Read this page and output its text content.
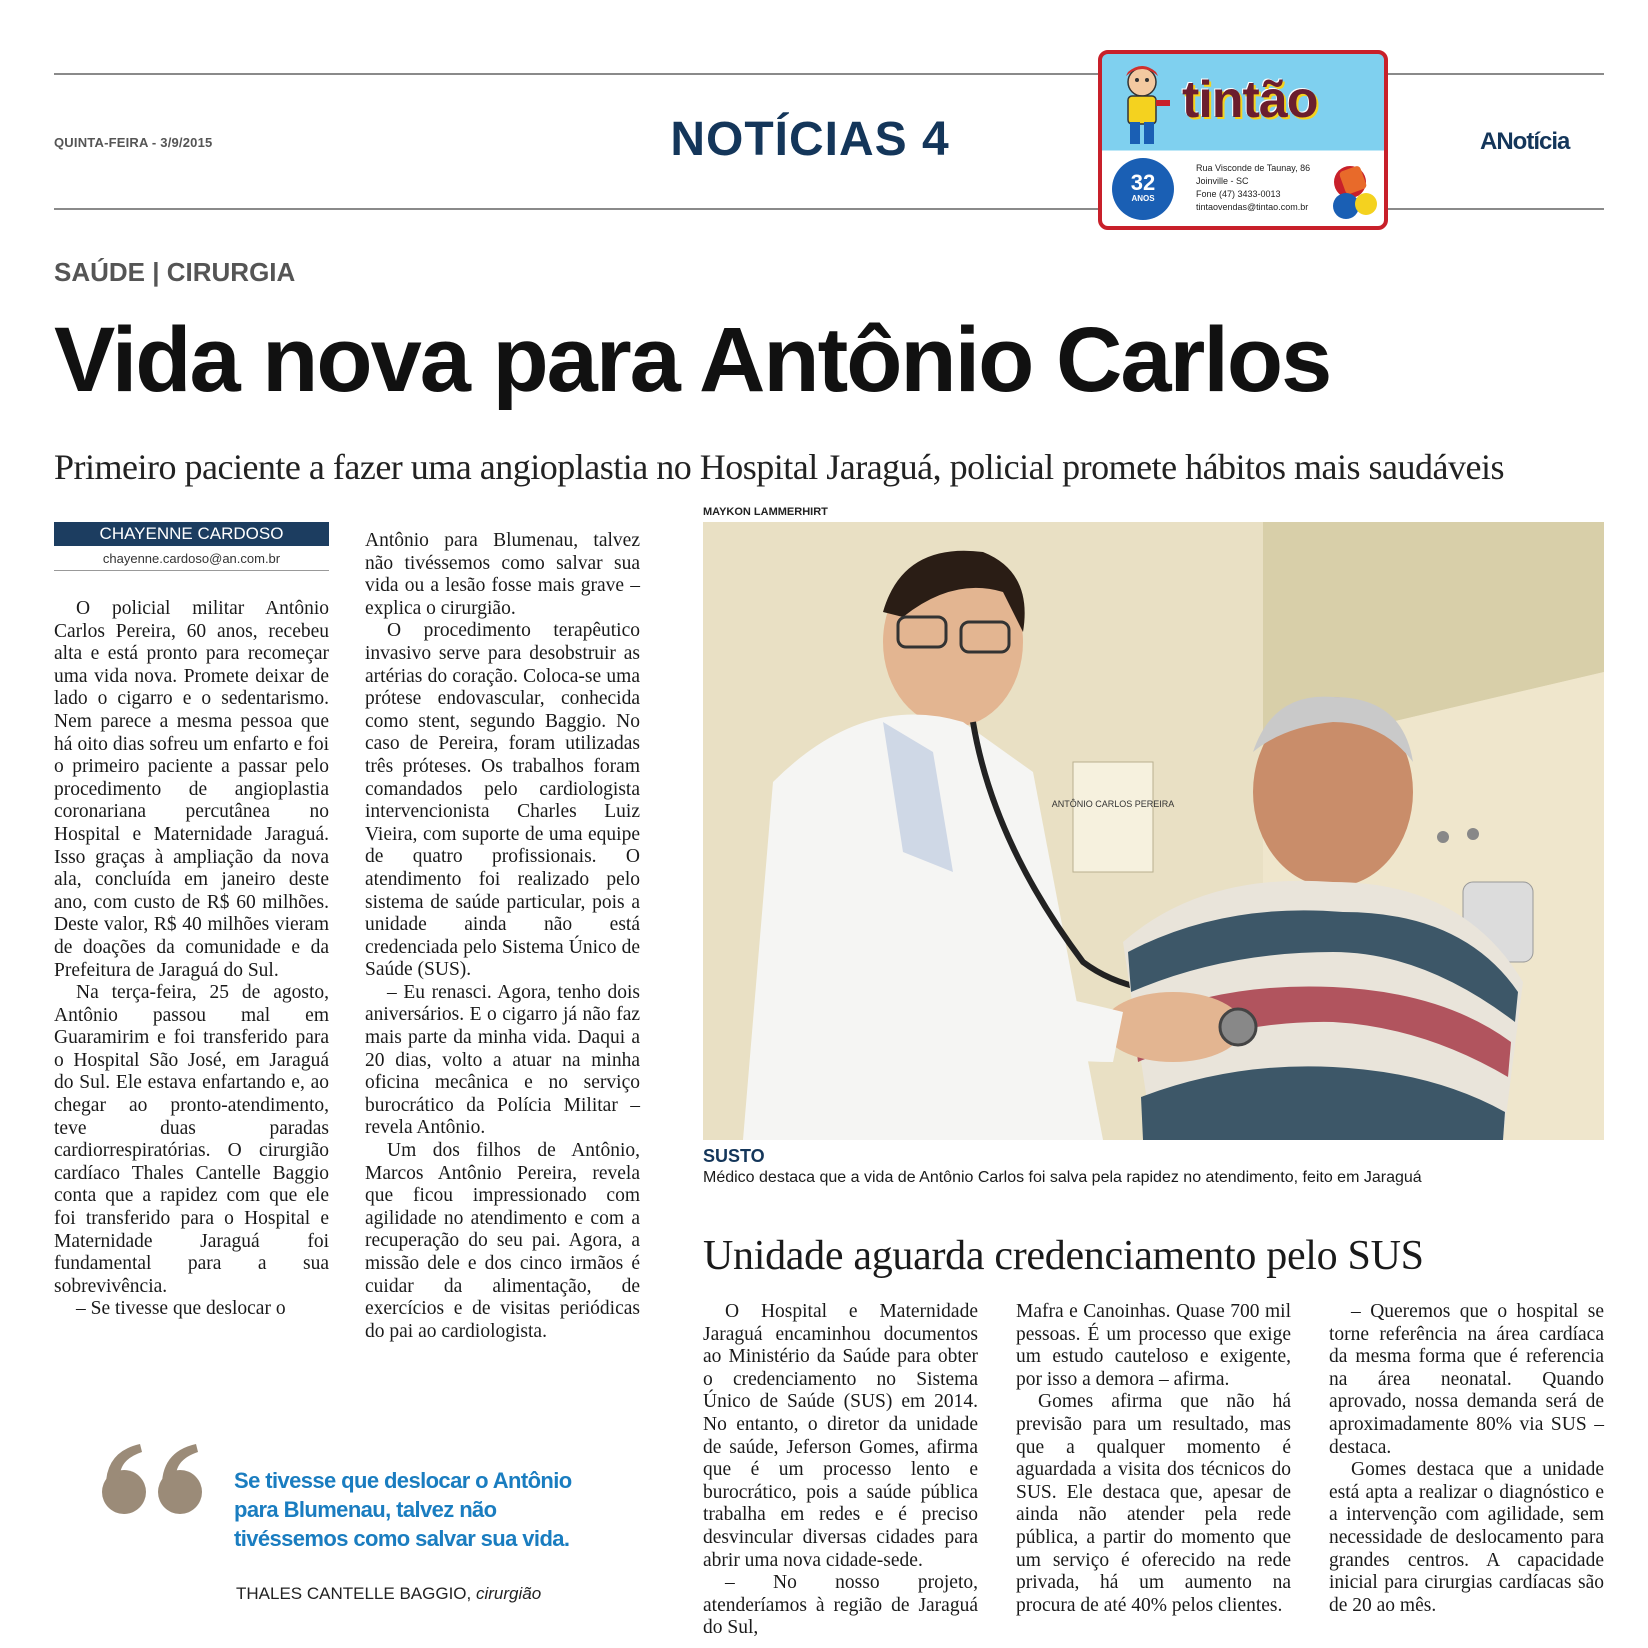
QUINTA-FEIRA - 3/9/2015	NOTÍCIAS 4	ANotícia
tintão
32
ANOS
Rua Visconde de Taunay, 86
Joinville - SC
Fone (47) 3433-0013
tintaovendas@tintao.com.br
SAÚDE | CIRURGIA
Vida nova para Antônio Carlos
Primeiro paciente a fazer uma angioplastia no Hospital Jaraguá, policial promete hábitos mais saudáveis
CHAYENNE CARDOSO
chayenne.cardoso@an.com.br

O policial militar Antônio Carlos Pereira, 60 anos, recebeu alta e está pronto para recomeçar uma vida nova. Promete deixar de lado o cigarro e o sedentarismo. Nem parece a mesma pessoa que há oito dias sofreu um enfarto e foi o primeiro paciente a passar pelo procedimento de angioplastia coronariana percutânea no Hospital e Maternidade Jaraguá. Isso graças à ampliação da nova ala, concluída em janeiro deste ano, com custo de R$ 60 milhões. Deste valor, R$ 40 milhões vieram de doações da comunidade e da Prefeitura de Jaraguá do Sul.

Na terça-feira, 25 de agosto, Antônio passou mal em Guaramirim e foi transferido para o Hospital São José, em Jaraguá do Sul. Ele estava enfartando e, ao chegar ao pronto-atendimento, teve duas paradas cardiorrespiratórias. O cirurgião cardíaco Thales Cantelle Baggio conta que a rapidez com que ele foi transferido para o Hospital e Maternidade Jaraguá foi fundamental para a sua sobrevivência.

– Se tivesse que deslocar o

Antônio para Blumenau, talvez não tivéssemos como salvar sua vida ou a lesão fosse mais grave – explica o cirurgião.

O procedimento terapêutico invasivo serve para desobstruir as artérias do coração. Coloca-se uma prótese endovascular, conhecida como stent, segundo Baggio. No caso de Pereira, foram utilizadas três próteses. Os trabalhos foram comandados pelo cardiologista intervencionista Charles Luiz Vieira, com suporte de uma equipe de quatro profissionais. O atendimento foi realizado pelo sistema de saúde particular, pois a unidade ainda não está credenciada pelo Sistema Único de Saúde (SUS).

– Eu renasci. Agora, tenho dois aniversários. E o cigarro já não faz mais parte da minha vida. Daqui a 20 dias, volto a atuar na minha oficina mecânica e no serviço burocrático da Polícia Militar – revela Antônio.

Um dos filhos de Antônio, Marcos Antônio Pereira, revela que ficou impressionado com agilidade no atendimento e com a recuperação do seu pai. Agora, a missão dele e dos cinco irmãos é cuidar da alimentação, de exercícios e de visitas periódicas do pai ao cardiologista.

MAYKON LAMMERHIRT
ANTÔNIO CARLOS PEREIRA
SUSTO
Médico destaca que a vida de Antônio Carlos foi salva pela rapidez no atendimento, feito em Jaraguá
Unidade aguarda credenciamento pelo SUS

O Hospital e Maternidade Jaraguá encaminhou documentos ao Ministério da Saúde para obter o credenciamento no Sistema Único de Saúde (SUS) em 2014. No entanto, o diretor da unidade de saúde, Jeferson Gomes, afirma que é um processo lento e burocrático, pois a saúde pública trabalha em redes e é preciso desvincular diversas cidades para abrir uma nova cidade-sede.

– No nosso projeto, atenderíamos à região de Jaraguá do Sul,

Mafra e Canoinhas. Quase 700 mil pessoas. É um processo que exige um estudo cauteloso e exigente, por isso a demora – afirma.

Gomes afirma que não há previsão para um resultado, mas que a qualquer momento é aguardada a visita dos técnicos do SUS. Ele destaca que, apesar de ainda não atender pela rede pública, a partir do momento que um serviço é oferecido na rede privada, há um aumento na procura de até 40% pelos clientes.

– Queremos que o hospital se torne referência na área cardíaca da mesma forma que é referencia na área neonatal. Quando aprovado, nossa demanda será de aproximadamente 80% via SUS – destaca.

Gomes destaca que a unidade está apta a realizar o diagnóstico e a intervenção com agilidade, sem necessidade de deslocamento para grandes centros. A capacidade inicial para cirurgias cardíacas são de 20 ao mês.

Se tivesse que deslocar o Antônio para Blumenau, talvez não tivéssemos como salvar sua vida.
THALES CANTELLE BAGGIO, cirurgião
